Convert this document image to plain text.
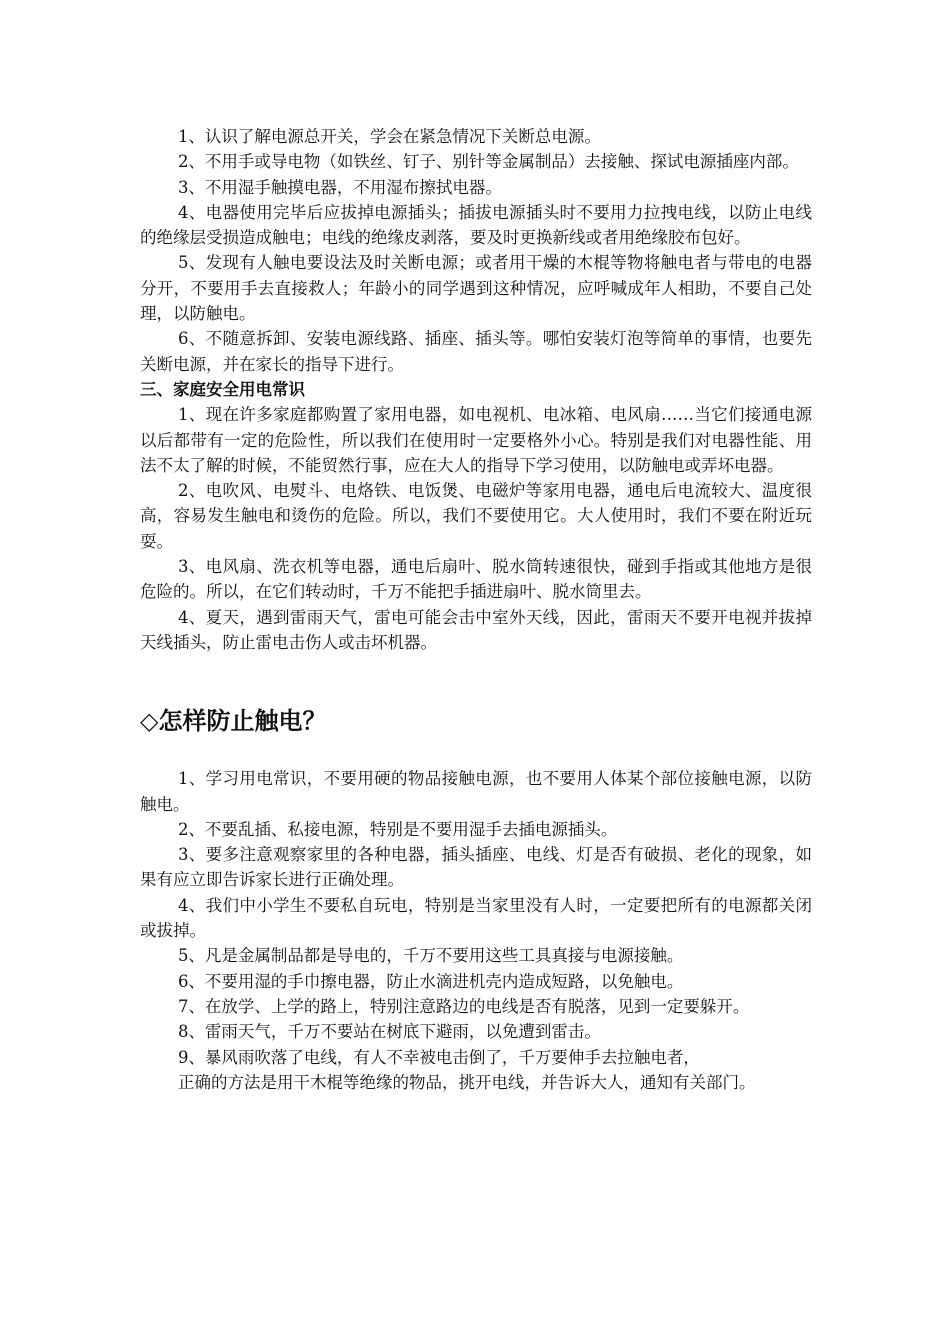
1、认识了解电源总开关，学会在紧急情况下关断总电源。

2、不用手或导电物（如铁丝、钉子、别针等金属制品）去接触、探试电源插座内部。

3、不用湿手触摸电器，不用湿布擦拭电器。

4、电器使用完毕后应拔掉电源插头；插拔电源插头时不要用力拉拽电线，以防止电线的绝缘层受损造成触电；电线的绝缘皮剥落，要及时更换新线或者用绝缘胶布包好。

5、发现有人触电要设法及时关断电源；或者用干燥的木棍等物将触电者与带电的电器分开，不要用手去直接救人；年龄小的同学遇到这种情况，应呼喊成年人相助，不要自己处理，以防触电。

6、不随意拆卸、安装电源线路、插座、插头等。哪怕安装灯泡等简单的事情，也要先关断电源，并在家长的指导下进行。

三、家庭安全用电常识

1、现在许多家庭都购置了家用电器，如电视机、电冰箱、电风扇……当它们接通电源以后都带有一定的危险性，所以我们在使用时一定要格外小心。特别是我们对电器性能、用法不太了解的时候，不能贸然行事，应在大人的指导下学习使用，以防触电或弄坏电器。

2、电吹风、电熨斗、电烙铁、电饭煲、电磁炉等家用电器，通电后电流较大、温度很高，容易发生触电和烫伤的危险。所以，我们不要使用它。大人使用时，我们不要在附近玩耍。

3、电风扇、洗衣机等电器，通电后扇叶、脱水筒转速很快，碰到手指或其他地方是很危险的。所以，在它们转动时，千万不能把手插进扇叶、脱水筒里去。

4、夏天，遇到雷雨天气，雷电可能会击中室外天线，因此，雷雨天不要开电视并拔掉天线插头，防止雷电击伤人或击坏机器。

◇怎样防止触电？

1、学习用电常识，不要用硬的物品接触电源，也不要用人体某个部位接触电源，以防触电。

2、不要乱插、私接电源，特别是不要用湿手去插电源插头。

3、要多注意观察家里的各种电器，插头插座、电线、灯是否有破损、老化的现象，如果有应立即告诉家长进行正确处理。

4、我们中小学生不要私自玩电，特别是当家里没有人时，一定要把所有的电源都关闭或拔掉。

5、凡是金属制品都是导电的，千万不要用这些工具真接与电源接触。

6、不要用湿的手巾擦电器，防止水滴进机壳内造成短路，以免触电。

7、在放学、上学的路上，特别注意路边的电线是否有脱落，见到一定要躲开。

8、雷雨天气，千万不要站在树底下避雨，以免遭到雷击。

9、暴风雨吹落了电线，有人不幸被电击倒了，千万要伸手去拉触电者，

正确的方法是用干木棍等绝缘的物品，挑开电线，并告诉大人，通知有关部门。
